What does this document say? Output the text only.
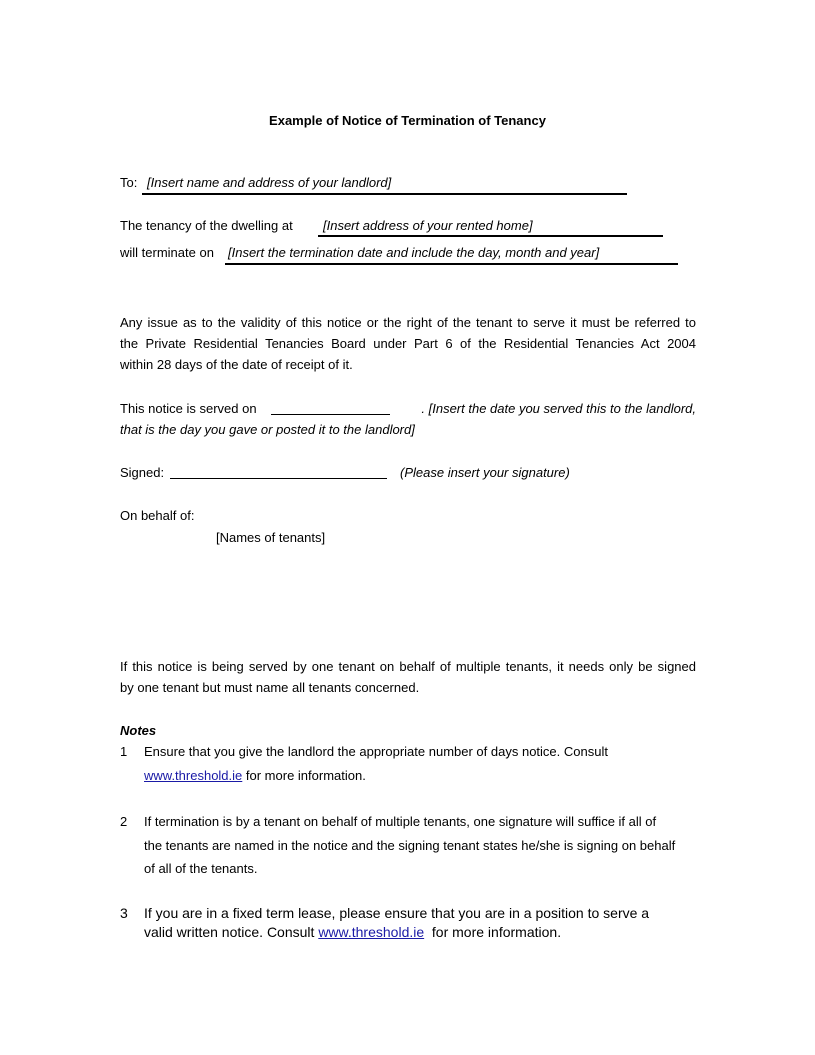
Example of Notice of Termination of Tenancy
To: [Insert name and address of your landlord]
The tenancy of the dwelling at [Insert address of your rented home]
will terminate on [Insert the termination date and include the day, month and year]
Any issue as to the validity of this notice or the right of the tenant to serve it must be referred to
the Private Residential Tenancies Board under Part 6 of the Residential Tenancies Act 2004
within 28 days of the date of receipt of it.
This notice is served on	. [Insert the date you served this to the landlord,
that is the day you gave or posted it to the landlord]
Signed:	(Please insert your signature)
On behalf of:
[Names of tenants]
If this notice is being served by one tenant on behalf of multiple tenants, it needs only be signed
by one tenant but must name all tenants concerned.
Notes
1 Ensure that you give the landlord the appropriate number of days notice. Consult
www.threshold.ie for more information.
2 If termination is by a tenant on behalf of multiple tenants, one signature will suffice if all of
the tenants are named in the notice and the signing tenant states he/she is signing on behalf
of all of the tenants.
3 If you are in a fixed term lease, please ensure that you are in a position to serve a
valid written notice. Consult www.threshold.ie  for more information.
